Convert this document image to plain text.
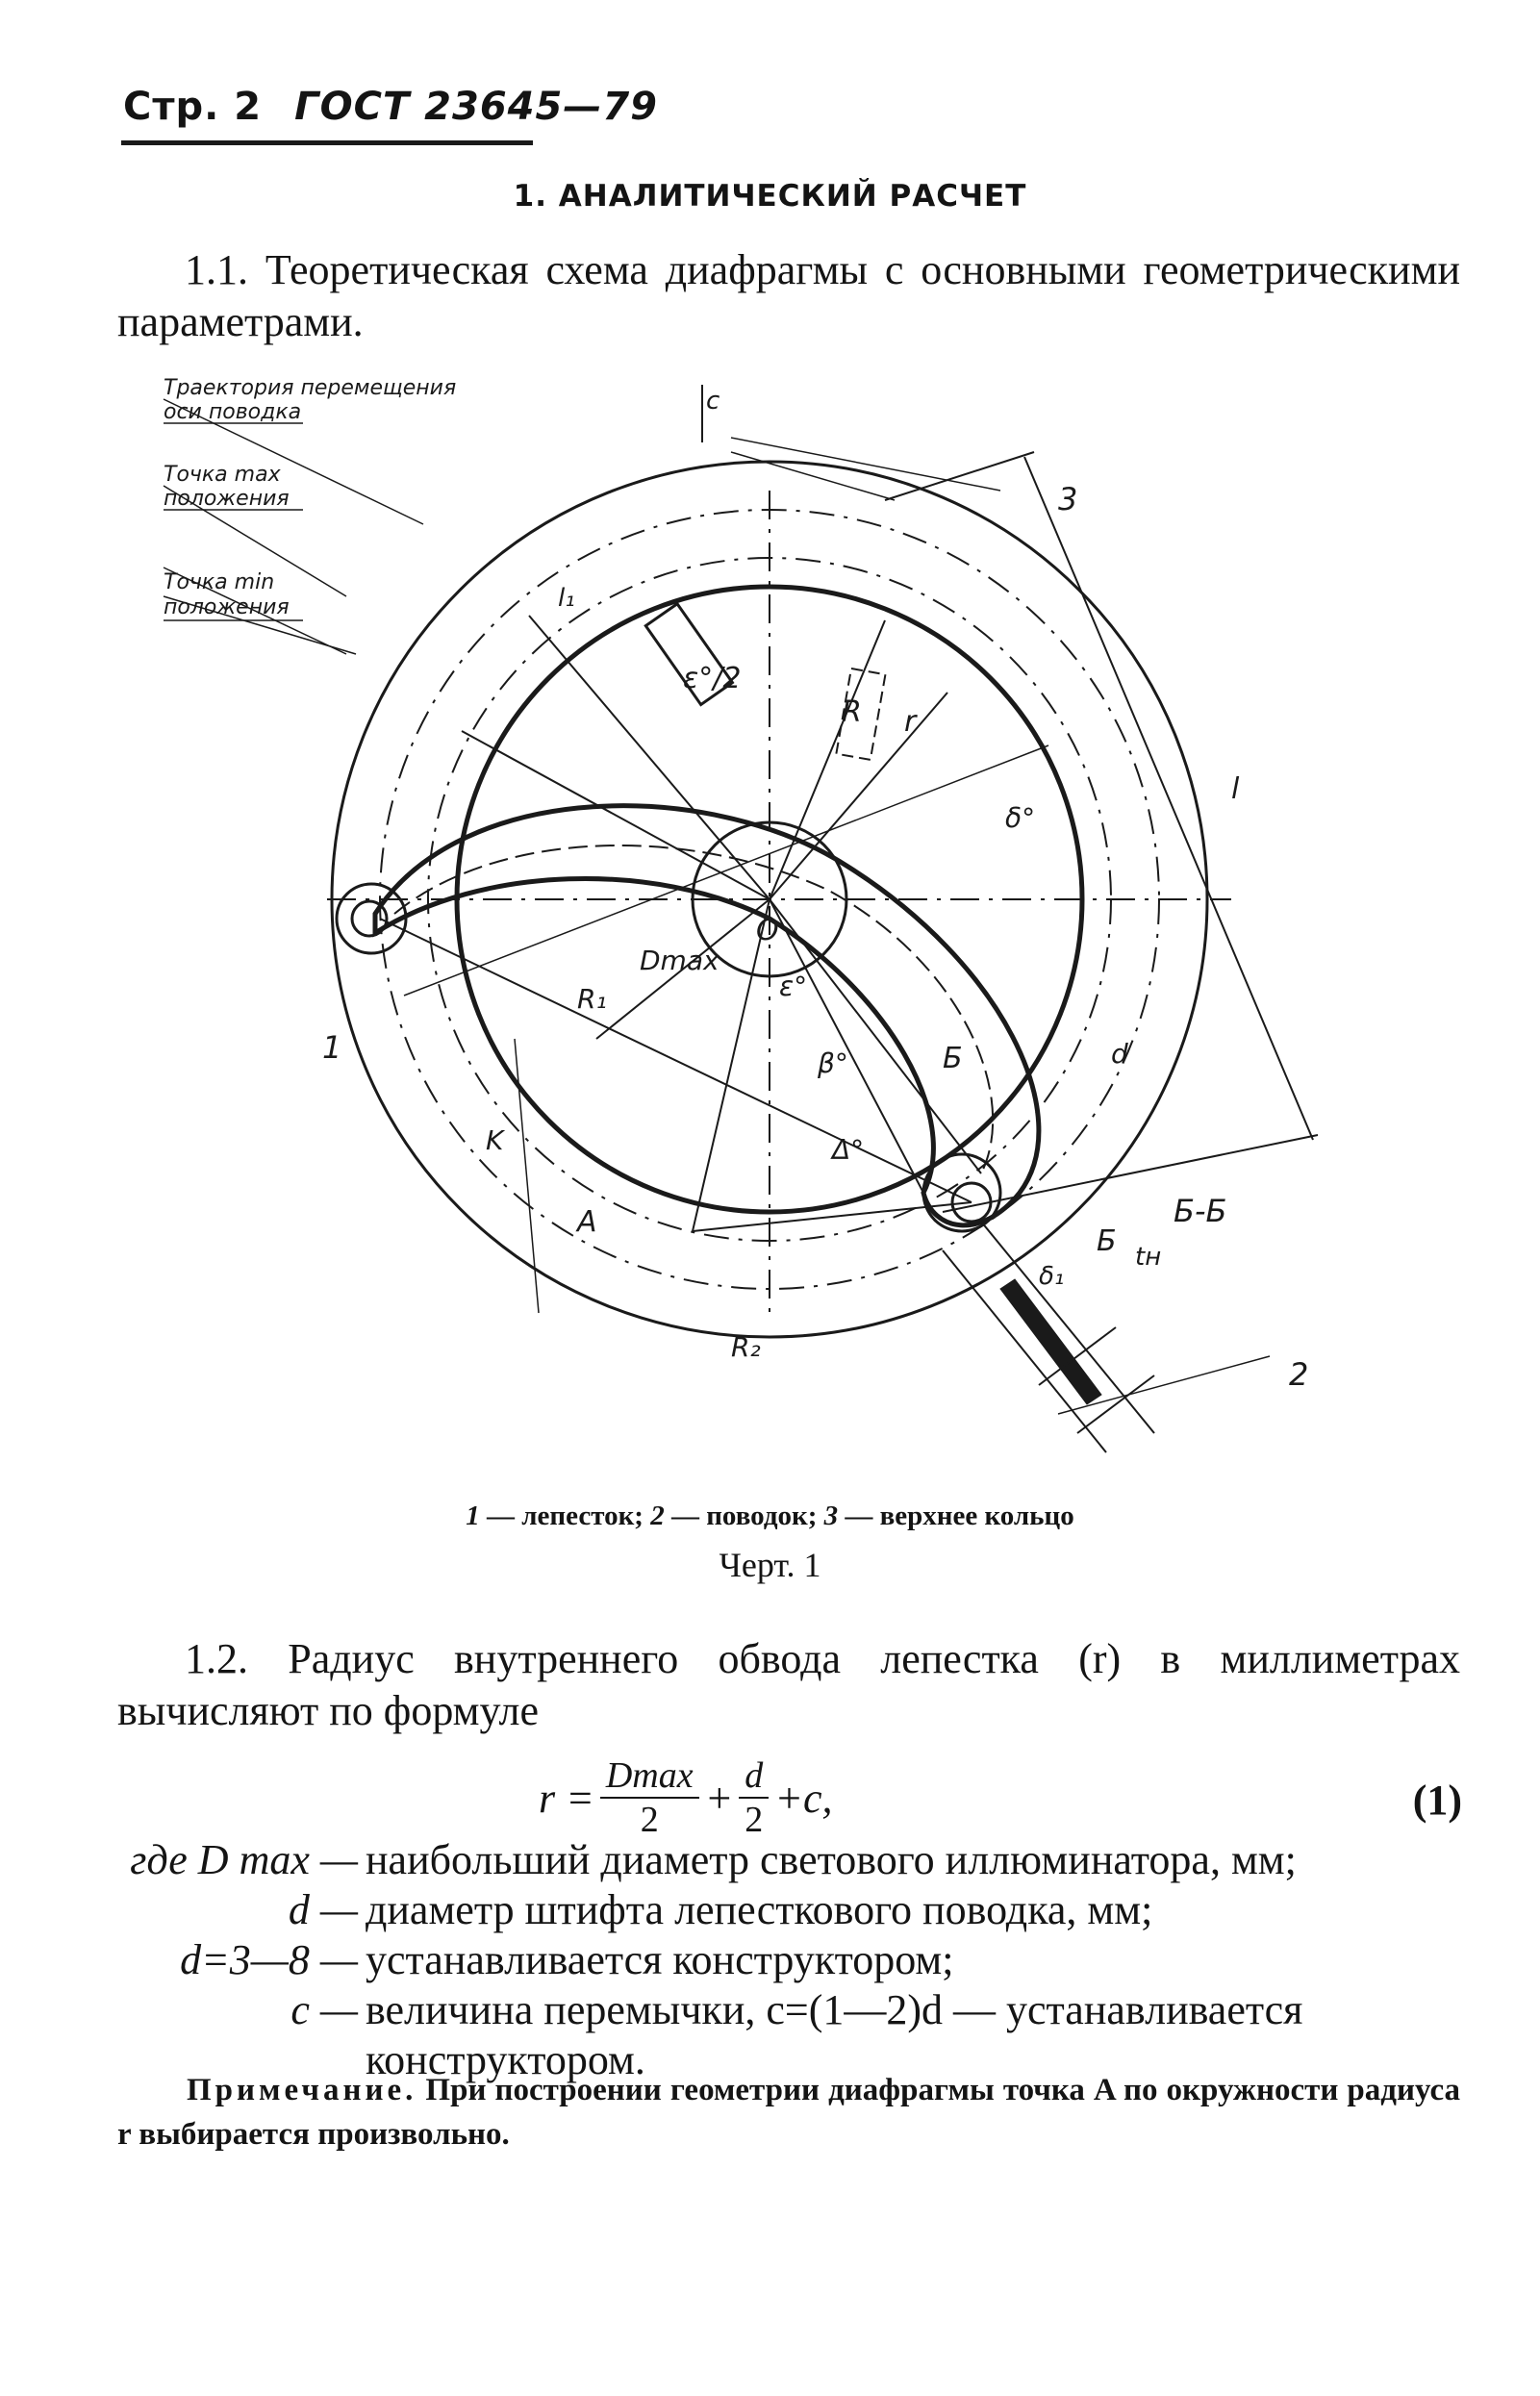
Стр. 2 ГОСТ 23645—79
1. АНАЛИТИЧЕСКИЙ РАСЧЕТ
1.1. Теоретическая схема диафрагмы с основными геометрическими параметрами.
c
l₁
ε°/2
R r
δ°
O
R₁
Dmax
ε°
β°
Δ°
K
A
R₂
l
d
Б
Б
Б-Б
δ₁
tн
1
2
3
Траектория перемещения
оси поводка
Точка max
положения
Точка min
положения
1 — лепесток; 2 — поводок; 3 — верхнее кольцо
Черт. 1
1.2. Радиус внутреннего обвода лепестка (r) в миллиметрах вычисляют по формуле
$r = \frac{Dmax}{2} + \frac{d}{2} +c$,	(1)
где D max — наибольший диаметр светового иллюминатора, мм;
d — диаметр штифта лепесткового поводка, мм;
d=3—8 — устанавливается конструктором;
c — величина перемычки, c=(1—2)d — устанавливается
конструктором.
Примечание. При построении геометрии диафрагмы точка A по окружности радиуса r выбирается произвольно.
